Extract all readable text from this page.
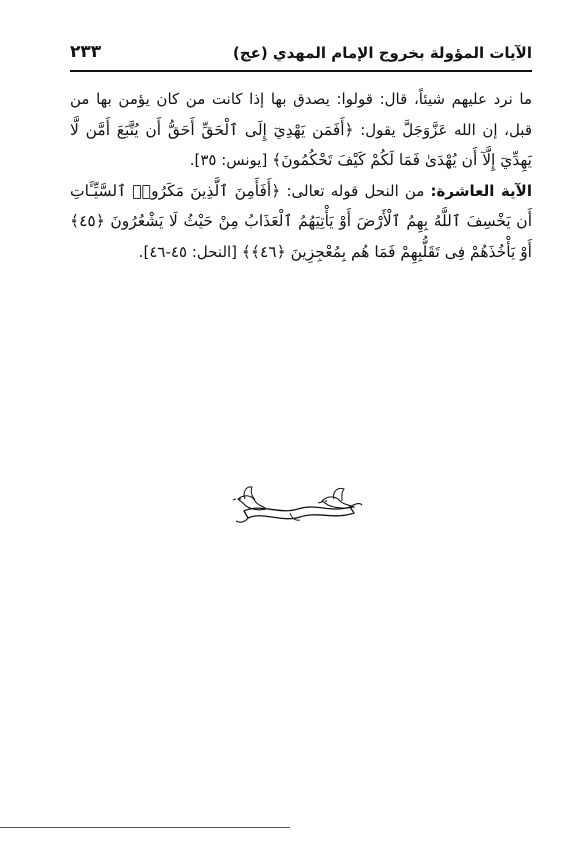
الآيات المؤولة بخروج الإمام المهدي (عج)
٢٣٣

ما نرد عليهم شيئاً، قال: قولوا: يصدق بها إذا كانت من كان يؤمن بها من قبل، إن الله عَزَّوَجَلَّ يقول: ﴿أَفَمَن يَهْدِيٓ إِلَى ٱلْحَقِّ أَحَقُّ أَن يُتَّبَعَ أَمَّن لَّا يَهِدِّيٓ إِلَّآ أَن يُهْدَىٰ فَمَا لَكُمْ كَيْفَ تَحْكُمُونَ﴾ [يونس: ٣٥].

الآية العاشرة: من النحل قوله تعالى: ﴿أَفَأَمِنَ ٱلَّذِينَ مَكَرُوا۟ ٱلسَّيِّـَٔاتِ أَن يَخْسِفَ ٱللَّهُ بِهِمُ ٱلْأَرْضَ أَوْ يَأْتِيَهُمُ ٱلْعَذَابُ مِنْ حَيْثُ لَا يَشْعُرُونَ ﴿٤٥﴾ أَوْ يَأْخُذَهُمْ فِى تَقَلُّبِهِمْ فَمَا هُم بِمُعْجِزِينَ ﴿٤٦﴾﴾ [النحل: ٤٥-٤٦].
